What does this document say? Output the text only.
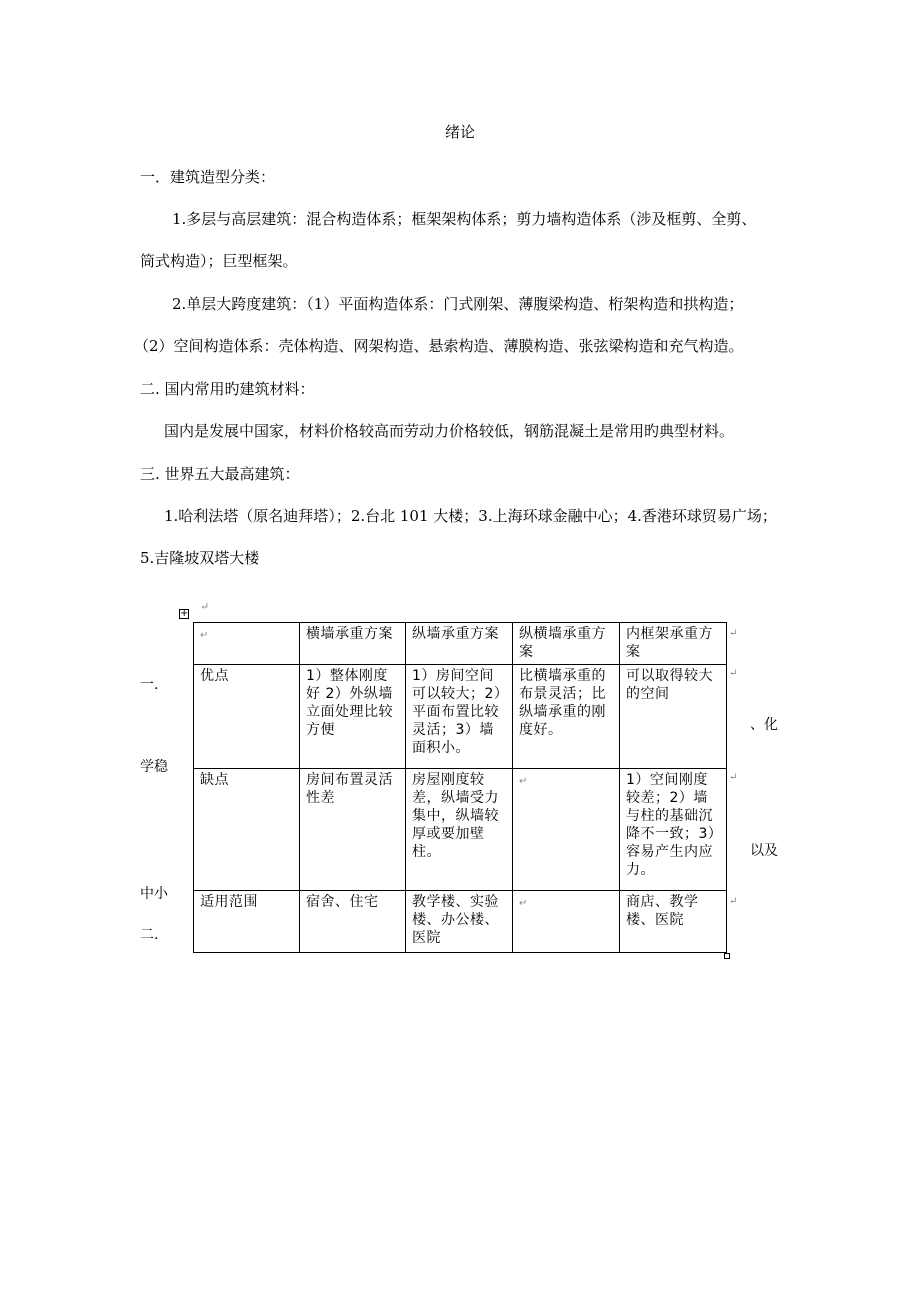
绪论
一．建筑造型分类：
1.多层与高层建筑：混合构造体系；框架架构体系；剪力墙构造体系（涉及框剪、全剪、
筒式构造）；巨型框架。
2.单层大跨度建筑：（1）平面构造体系：门式刚架、薄腹梁构造、桁架构造和拱构造；
（2）空间构造体系：壳体构造、网架构造、悬索构造、薄膜构造、张弦梁构造和充气构造。
二. 国内常用旳建筑材料：
国内是发展中国家，材料价格较高而劳动力价格较低，钢筋混凝土是常用旳典型材料。
三. 世界五大最高建筑：
1.哈利法塔（原名迪拜塔）；2.台北 101 大楼；3.上海环球金融中心；4.香港环球贸易广场；
5.吉隆坡双塔大楼
↵
+
一.
学稳
中小
二.
、化
以及
↵
↵
↵
↵
↵	横墙承重方案	纵墙承重方案	纵横墙承重方案	内框架承重方案
优点	1）整体刚度好 2）外纵墙立面处理比较方便	1）房间空间可以较大；2）平面布置比较灵活；3）墙面积小。	比横墙承重的布景灵活；比纵墙承重的刚度好。	可以取得较大的空间
缺点	房间布置灵活性差	房屋刚度较差，纵墙受力集中，纵墙较厚或要加壁柱。	↵	1）空间刚度较差；2）墙与柱的基础沉降不一致；3）容易产生内应力。
适用范围	宿舍、住宅	教学楼、实验楼、办公楼、医院	↵	商店、教学楼、医院
